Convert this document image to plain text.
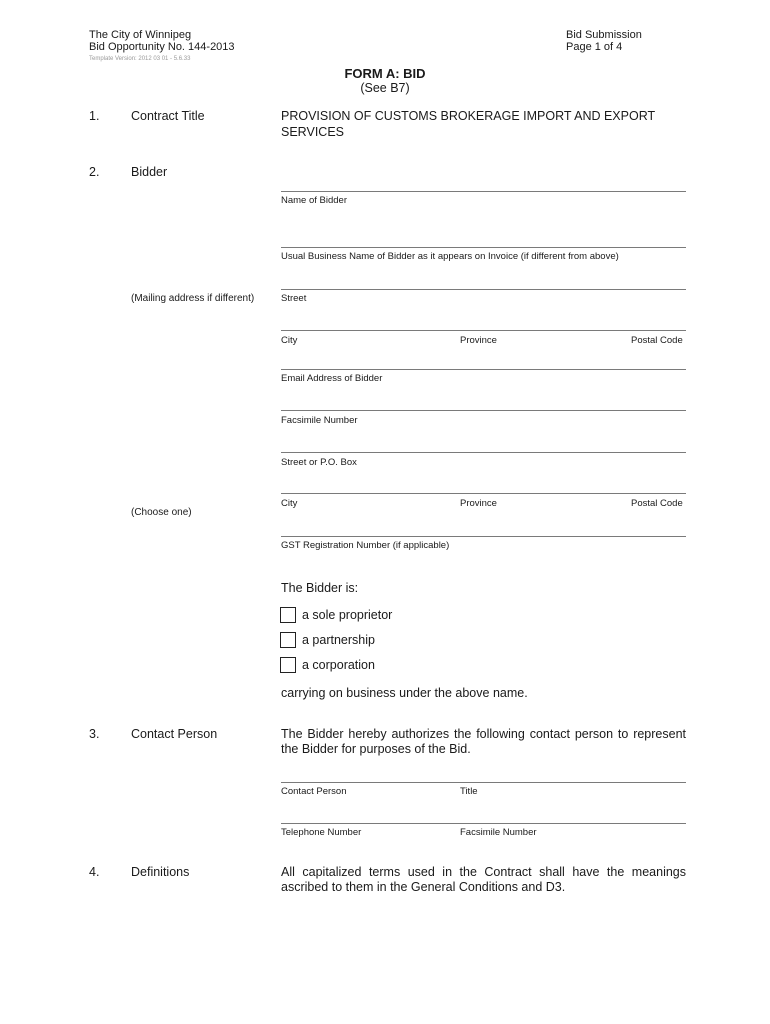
The City of Winnipeg
Bid Opportunity No. 144-2013
Template Version: 2012 03 01 - 5.6.33
Bid Submission
Page 1 of 4
FORM A: BID
(See B7)
1.	Contract Title	PROVISION OF CUSTOMS BROKERAGE IMPORT AND EXPORT
SERVICES
2.	Bidder
Name of Bidder
Usual Business Name of Bidder as it appears on Invoice (if different from above)
(Mailing address if different)	Street
City	Province	Postal Code
Email Address of Bidder
Facsimile Number
Street or P.O. Box
City	Province	Postal Code
(Choose one)
GST Registration Number (if applicable)
The Bidder is:
a sole proprietor
a partnership
a corporation
carrying on business under the above name.
3.	Contact Person	The Bidder hereby authorizes the following contact person to represent the Bidder for purposes of the Bid.
Contact Person	Title
Telephone Number	Facsimile Number
4.	Definitions	All capitalized terms used in the Contract shall have the meanings ascribed to them in the General Conditions and D3.
